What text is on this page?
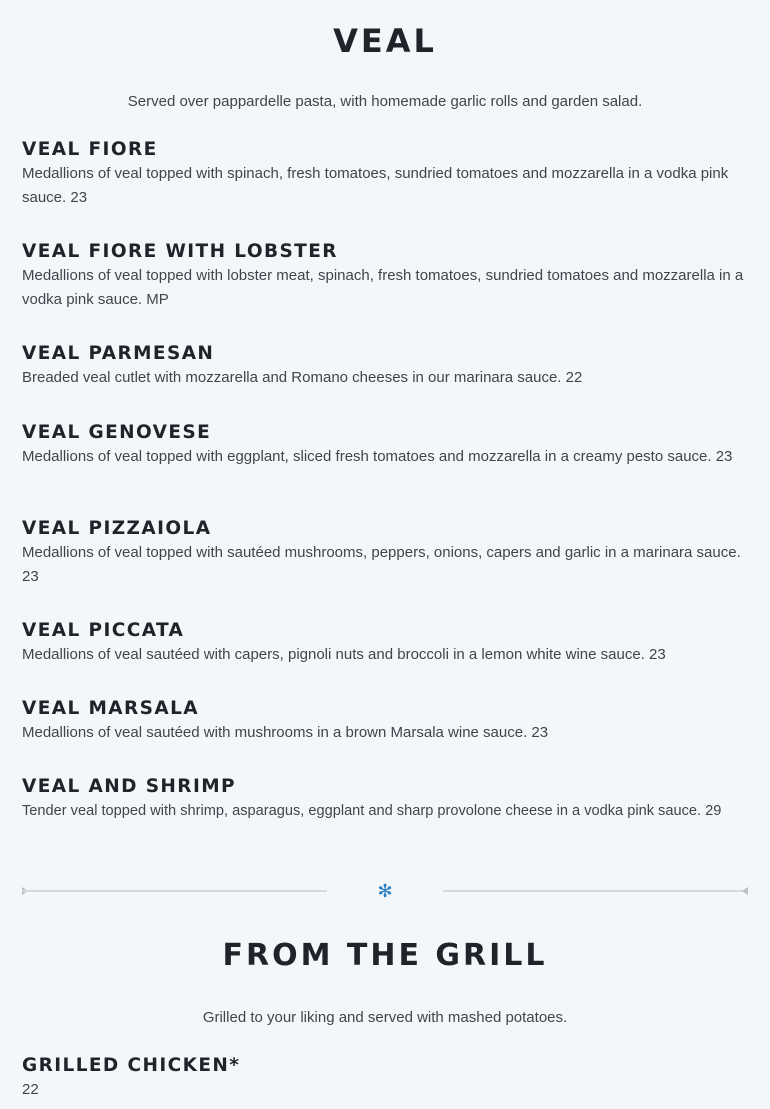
VEAL

Served over pappardelle pasta, with homemade garlic rolls and garden salad.

VEAL FIORE

Medallions of veal topped with spinach, fresh tomatoes, sundried tomatoes and mozzarella in a vodka pink sauce. 23

VEAL FIORE WITH LOBSTER

Medallions of veal topped with lobster meat, spinach, fresh tomatoes, sundried tomatoes and mozzarella in a vodka pink sauce. MP

VEAL PARMESAN

Breaded veal cutlet with mozzarella and Romano cheeses in our marinara sauce. 22

VEAL GENOVESE

Medallions of veal topped with eggplant, sliced fresh tomatoes and mozzarella in a creamy pesto sauce. 23

VEAL PIZZAIOLA

Medallions of veal topped with sautéed mushrooms, peppers, onions, capers and garlic in a marinara sauce. 23

VEAL PICCATA

Medallions of veal sautéed with capers, pignoli nuts and broccoli in a lemon white wine sauce. 23

VEAL MARSALA

Medallions of veal sautéed with mushrooms in a brown Marsala wine sauce. 23

VEAL AND SHRIMP

Tender veal topped with shrimp, asparagus, eggplant and sharp provolone cheese in a vodka pink sauce. 29

✻
FROM THE GRILL

Grilled to your liking and served with mashed potatoes.

GRILLED CHICKEN*

22
